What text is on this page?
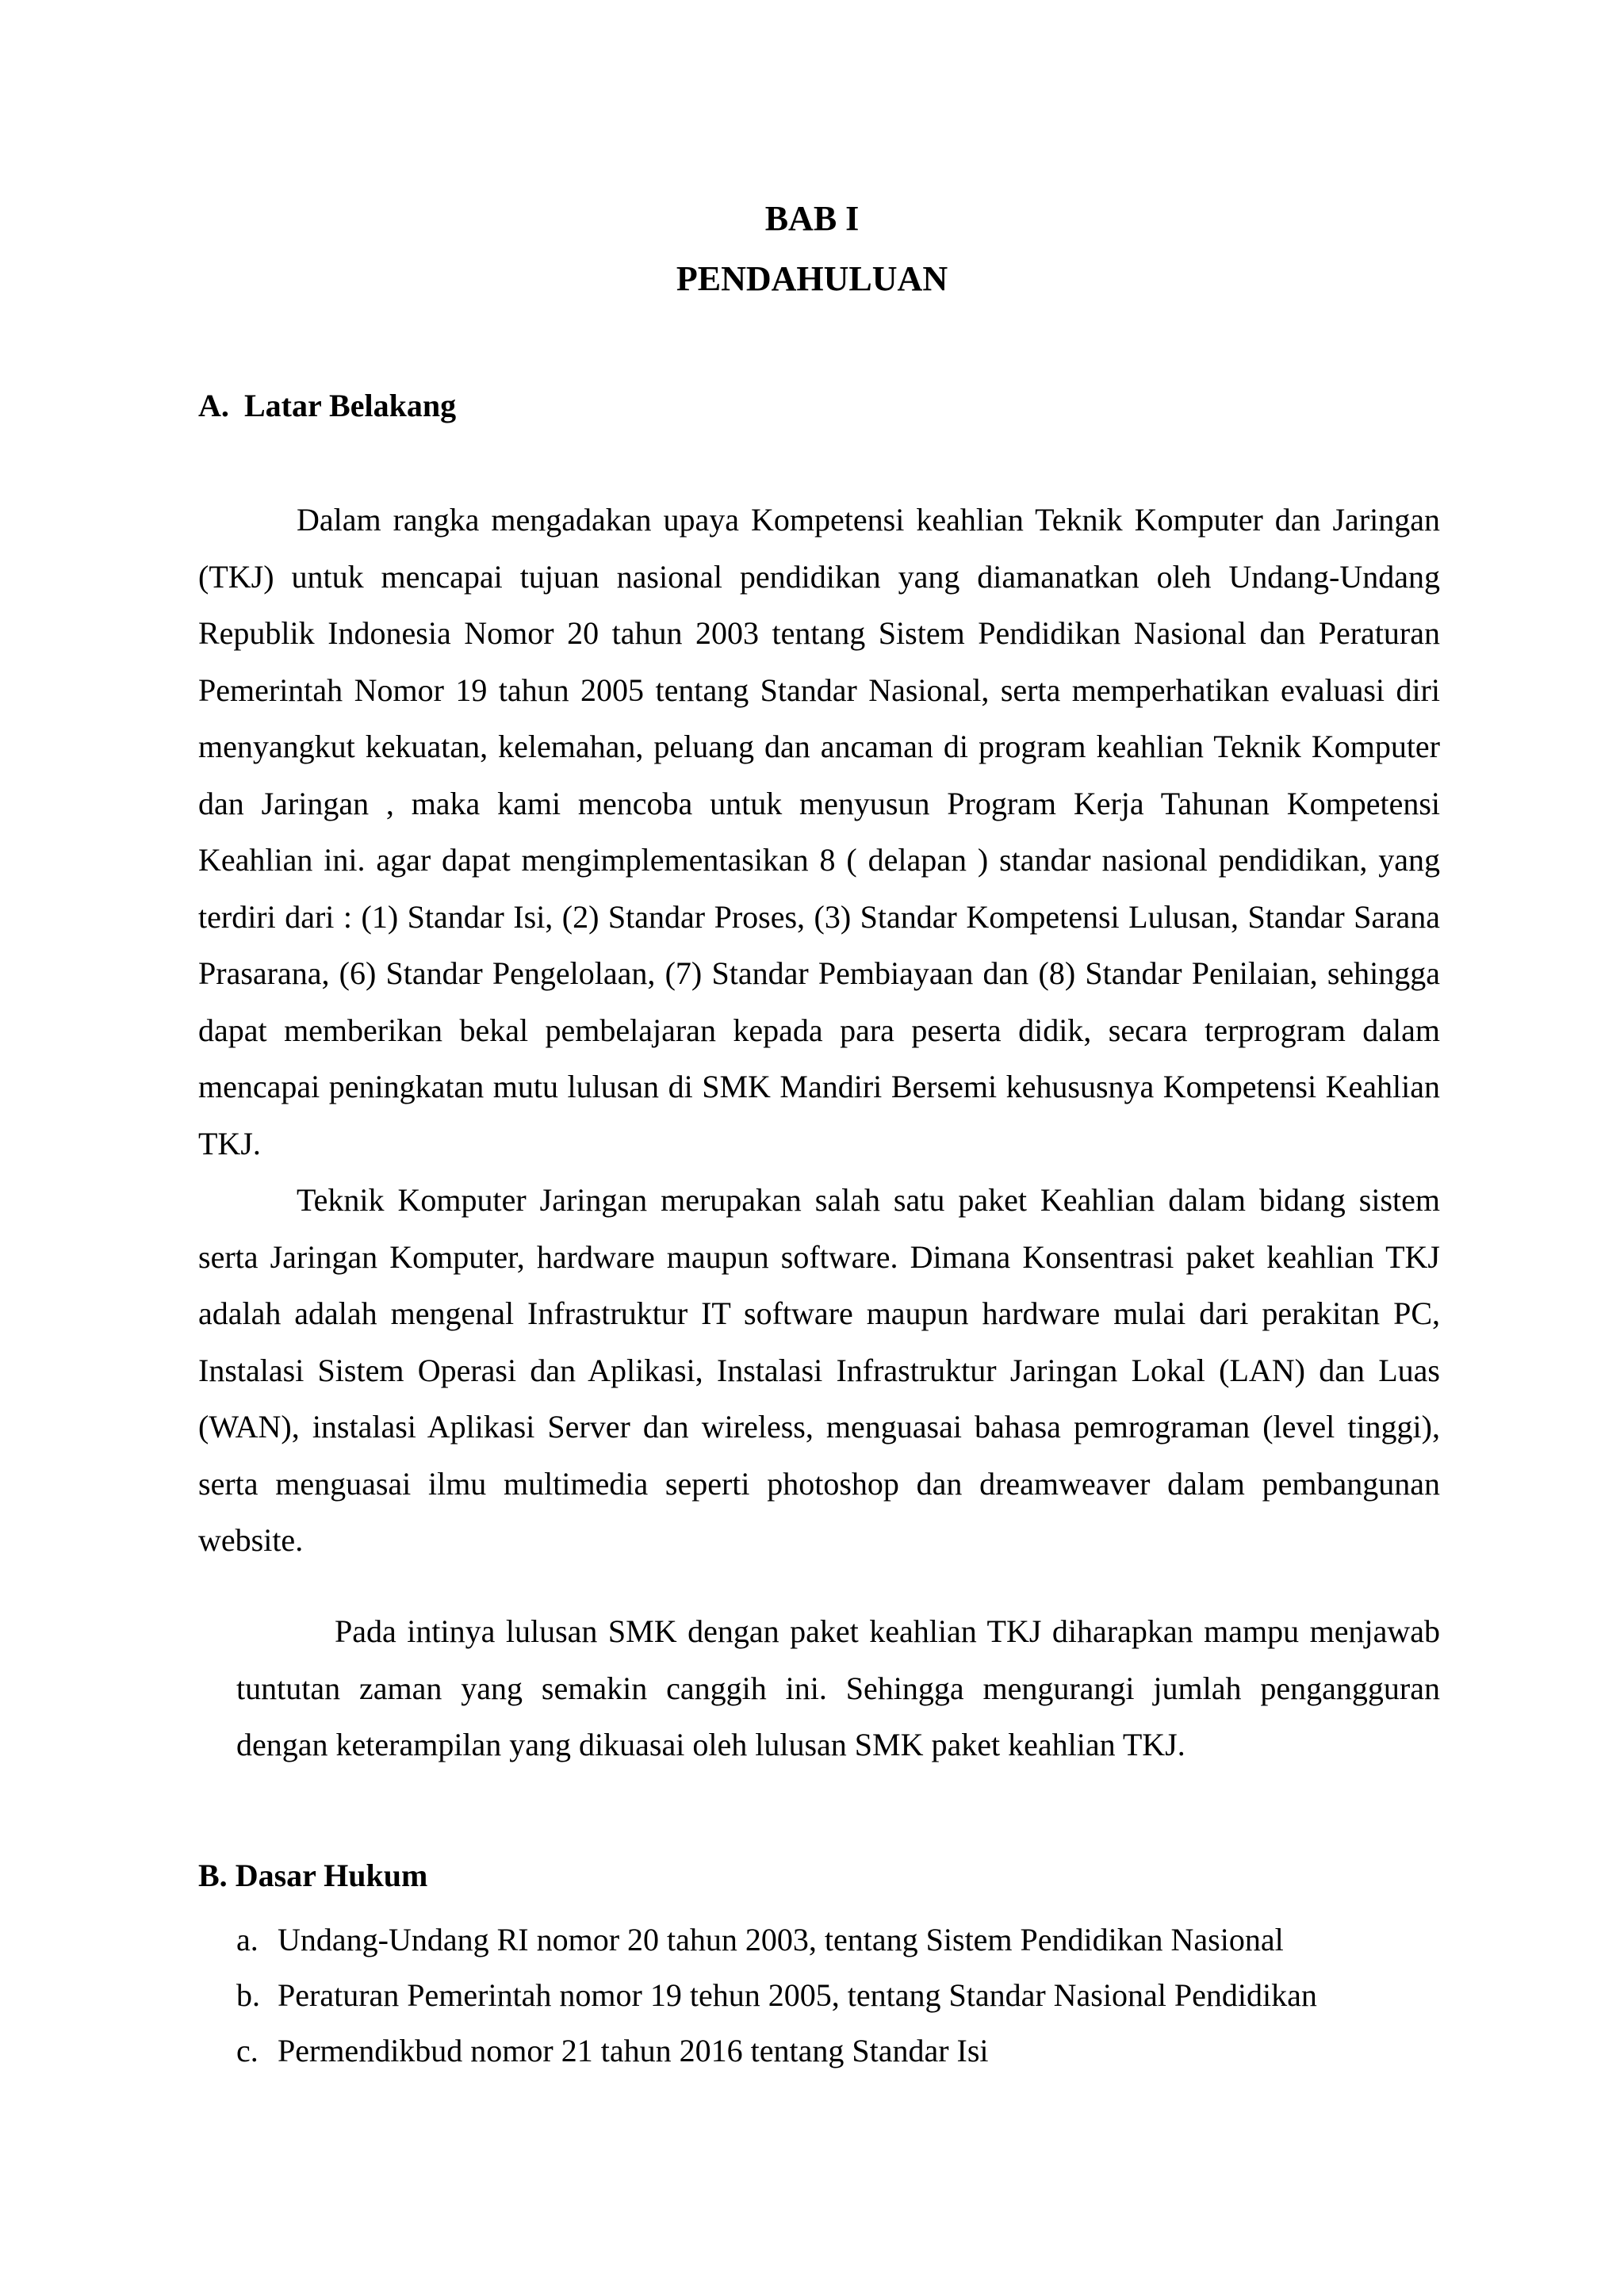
BAB I
PENDAHULUAN
A. Latar Belakang
Dalam rangka mengadakan upaya Kompetensi keahlian Teknik Komputer dan Jaringan (TKJ) untuk mencapai tujuan nasional pendidikan yang diamanatkan oleh Undang-Undang Republik Indonesia Nomor 20 tahun 2003 tentang Sistem Pendidikan Nasional dan Peraturan Pemerintah Nomor 19 tahun 2005 tentang Standar Nasional, serta memperhatikan evaluasi diri menyangkut kekuatan, kelemahan, peluang dan ancaman di program keahlian Teknik Komputer dan Jaringan , maka kami mencoba untuk menyusun Program Kerja Tahunan Kompetensi Keahlian ini. agar dapat mengimplementasikan 8 ( delapan ) standar nasional pendidikan, yang terdiri dari : (1) Standar Isi, (2) Standar Proses, (3) Standar Kompetensi Lulusan, Standar Sarana Prasarana, (6) Standar Pengelolaan, (7) Standar Pembiayaan dan (8) Standar Penilaian, sehingga dapat memberikan bekal pembelajaran kepada para peserta didik, secara terprogram dalam mencapai peningkatan mutu lulusan di SMK Mandiri Bersemi kehususnya Kompetensi Keahlian TKJ.
Teknik Komputer Jaringan merupakan salah satu paket Keahlian dalam bidang sistem serta Jaringan Komputer, hardware maupun software. Dimana Konsentrasi paket keahlian TKJ adalah adalah mengenal Infrastruktur IT software maupun hardware mulai dari perakitan PC, Instalasi Sistem Operasi dan Aplikasi, Instalasi Infrastruktur Jaringan Lokal (LAN) dan Luas (WAN), instalasi Aplikasi Server dan wireless, menguasai bahasa pemrograman (level tinggi), serta menguasai ilmu multimedia seperti photoshop dan dreamweaver dalam pembangunan website.
Pada intinya lulusan SMK dengan paket keahlian TKJ diharapkan mampu menjawab tuntutan zaman yang semakin canggih ini. Sehingga mengurangi jumlah pengangguran dengan keterampilan yang dikuasai oleh lulusan SMK paket keahlian TKJ.
B. Dasar Hukum
a. Undang-Undang RI nomor 20 tahun 2003, tentang Sistem Pendidikan Nasional
b. Peraturan Pemerintah nomor 19 tehun 2005, tentang Standar Nasional Pendidikan
c. Permendikbud nomor 21 tahun 2016 tentang Standar Isi
